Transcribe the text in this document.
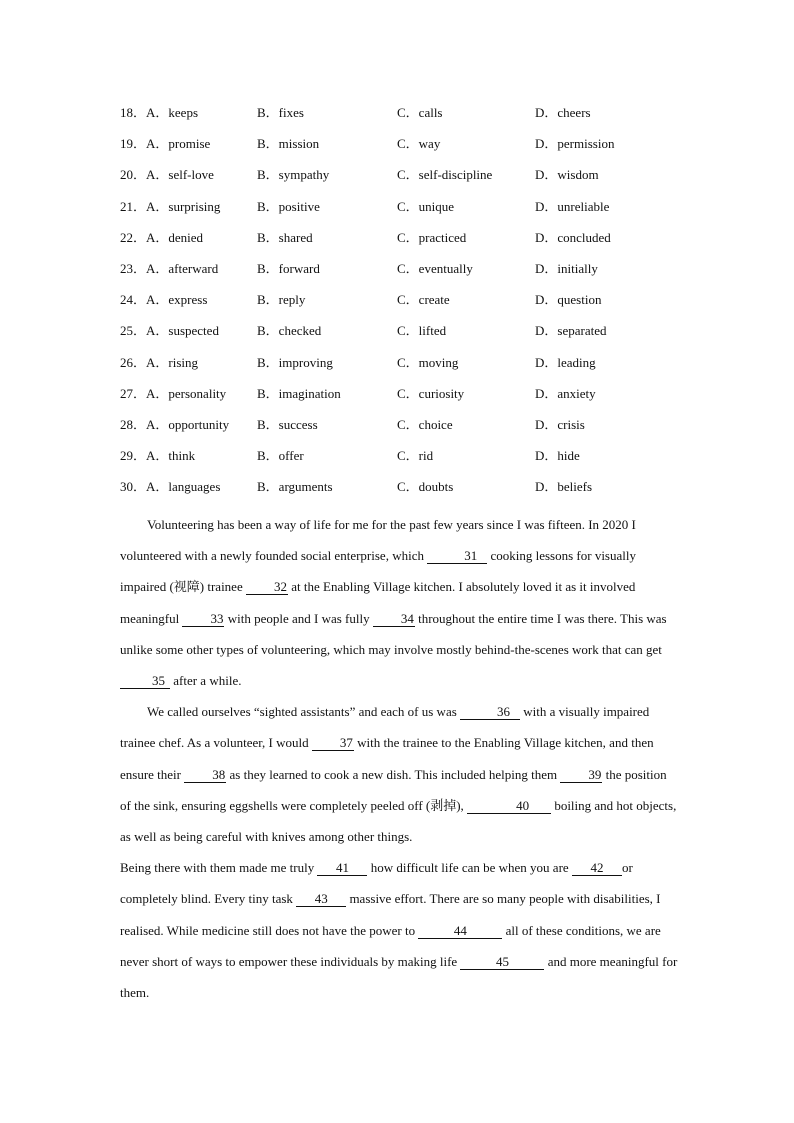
18．A．keeps	B．fixes	C．calls	D．cheers
19．A．promise	B．mission	C．way	D．permission
20．A．self-love	B．sympathy	C．self-discipline	D．wisdom
21．A．surprising	B．positive	C．unique	D．unreliable
22．A．denied	B．shared	C．practiced	D．concluded
23．A．afterward	B．forward	C．eventually	D．initially
24．A．express	B．reply	C．create	D．question
25．A．suspected	B．checked	C．lifted	D．separated
26．A．rising	B．improving	C．moving	D．leading
27．A．personality B．imagination	C．curiosity	D．anxiety
28．A．opportunity B．success	C．choice	D．crisis
29．A．think	B．offer	C．rid	D．hide
30．A．languages	B．arguments	C．doubts	D．beliefs

Volunteering has been a way of life for me for the past few years since I was fifteen. In 2020 I volunteered with a newly founded social enterprise, which	31 cooking lessons for visually impaired (视障) trainee 32 at the Enabling Village kitchen. I absolutely loved it as it involved meaningful 33 with people and I was fully 34 throughout the entire time I was there. This was unlike some other types of volunteering, which may involve mostly behind-the-scenes work that can get 35 after a while.

We called ourselves “sighted assistants” and each of us was	36 with a visually impaired trainee chef. As a volunteer, I would 37 with the trainee to the Enabling Village kitchen, and then ensure their 38 as they learned to cook a new dish. This included helping them 39 the position of the sink, ensuring eggshells were completely peeled off (剥掉),	40 boiling and hot objects, as well as being careful with knives among other things.

Being there with them made me truly 41 how difficult life can be when you are 42 or completely blind. Every tiny task 43 massive effort. There are so many people with disabilities, I realised. While medicine still does not have the power to	44	all of these conditions, we are never short of ways to empower these individuals by making life	45	and more meaningful for them.
